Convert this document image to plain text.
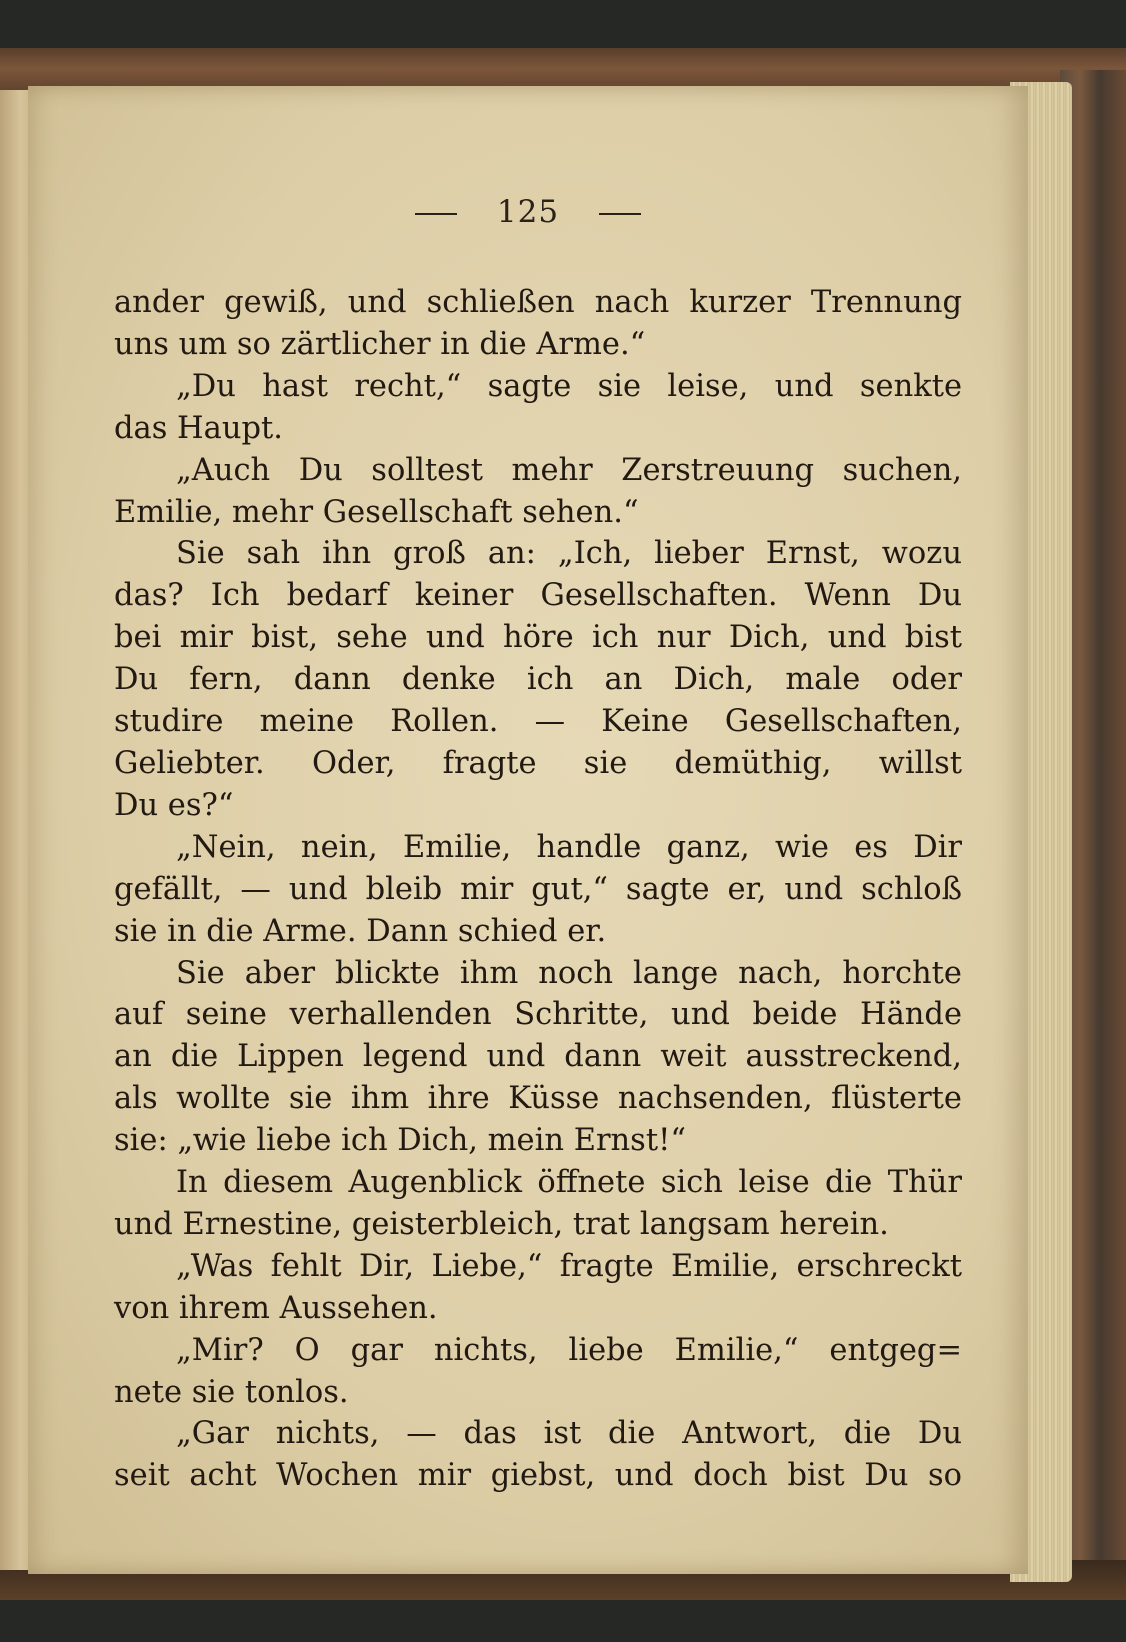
125
ander gewiß, und schließen nach kurzer Trennung
uns um so zärtlicher in die Arme.“
„Du hast recht,“ sagte sie leise, und senkte
das Haupt.
„Auch Du solltest mehr Zerstreuung suchen,
Emilie, mehr Gesellschaft sehen.“
Sie sah ihn groß an: „Ich, lieber Ernst, wozu
das? Ich bedarf keiner Gesellschaften. Wenn Du
bei mir bist, sehe und höre ich nur Dich, und bist
Du fern, dann denke ich an Dich, male oder
studire meine Rollen. — Keine Gesellschaften,
Geliebter. Oder, fragte sie demüthig, willst
Du es?“
„Nein, nein, Emilie, handle ganz, wie es Dir
gefällt, — und bleib mir gut,“ sagte er, und schloß
sie in die Arme. Dann schied er.
Sie aber blickte ihm noch lange nach, horchte
auf seine verhallenden Schritte, und beide Hände
an die Lippen legend und dann weit ausstreckend,
als wollte sie ihm ihre Küsse nachsenden, flüsterte
sie: „wie liebe ich Dich, mein Ernst!“
In diesem Augenblick öffnete sich leise die Thür
und Ernestine, geisterbleich, trat langsam herein.
„Was fehlt Dir, Liebe,“ fragte Emilie, erschreckt
von ihrem Aussehen.
„Mir? O gar nichts, liebe Emilie,“ entgeg=
nete sie tonlos.
„Gar nichts, — das ist die Antwort, die Du
seit acht Wochen mir giebst, und doch bist Du so
